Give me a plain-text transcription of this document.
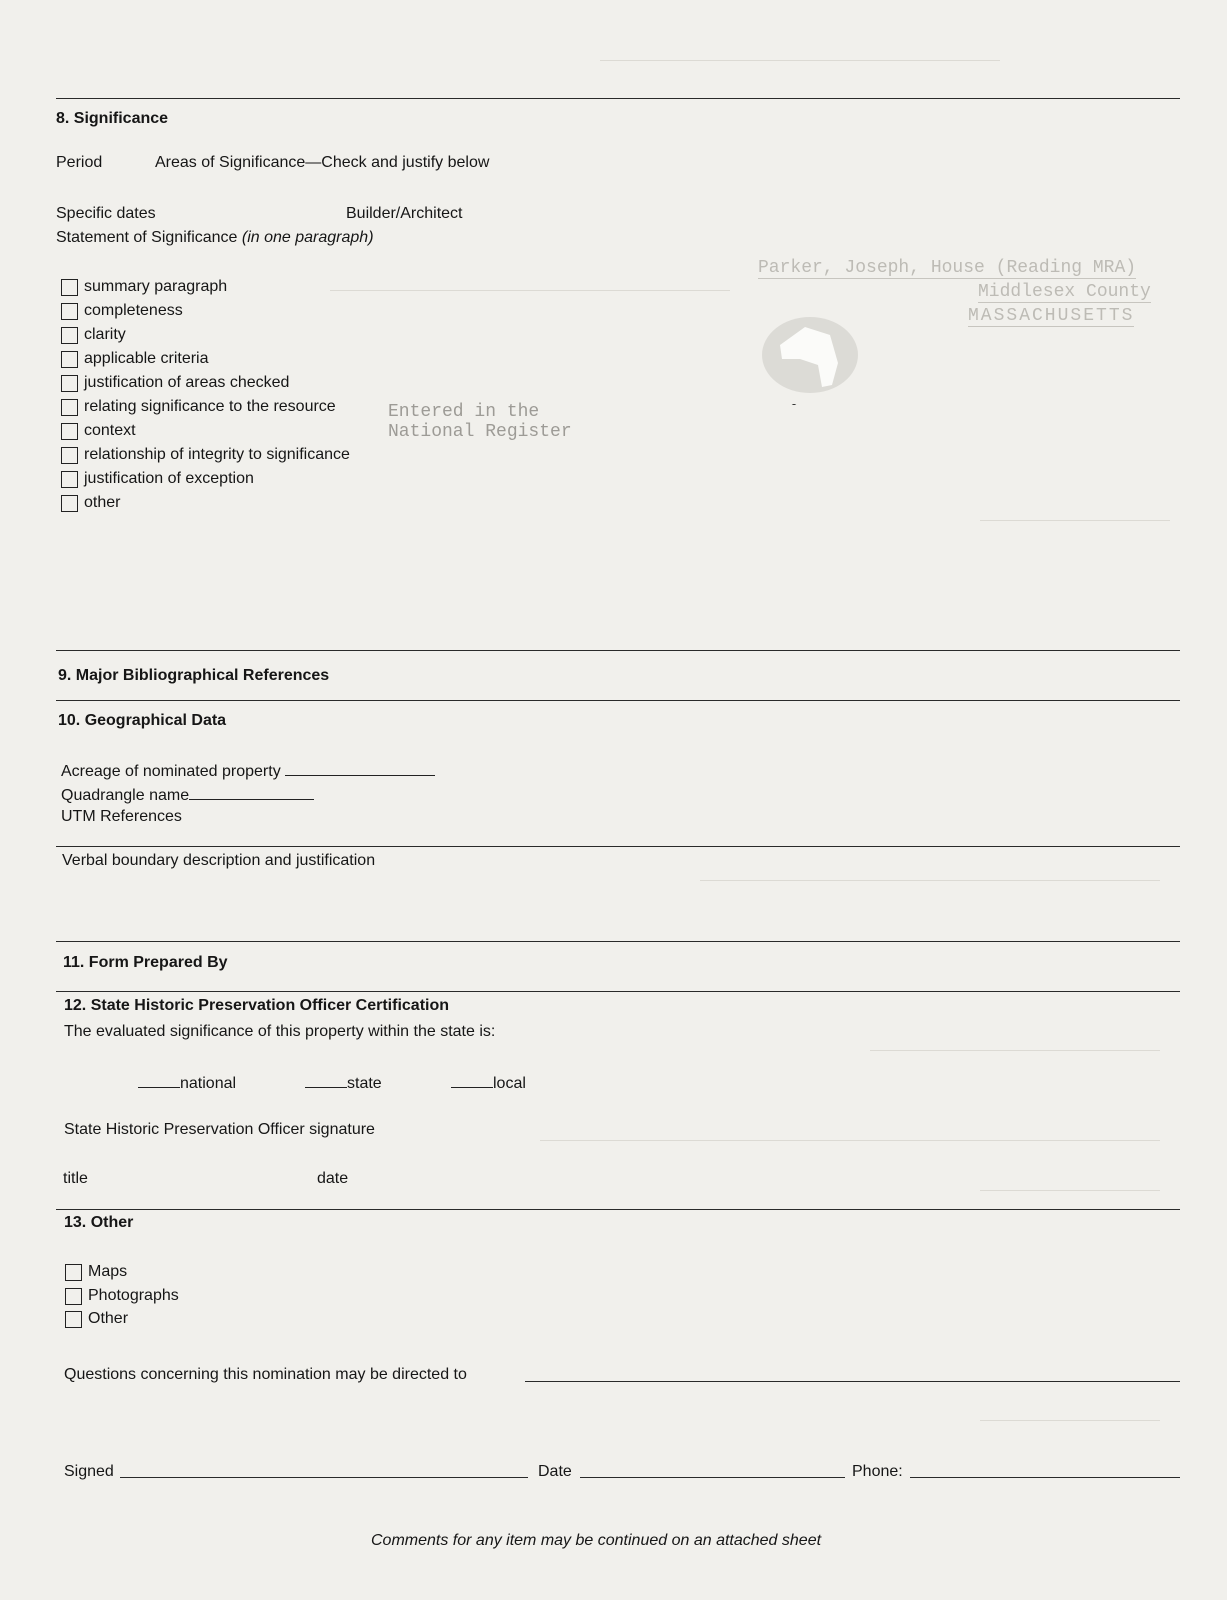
Parker, Joseph, House (Reading MRA)
Middlesex County
MASSACHUSETTS
Entered in the
National Register
8. Significance
Period	Areas of Significance—Check and justify below
Specific dates	Builder/Architect
Statement of Significance (in one paragraph)
summary paragraph
completeness
clarity
applicable criteria
justification of areas checked
relating significance to the resource
context
relationship of integrity to significance
justification of exception
other
9. Major Bibliographical References
10. Geographical Data
Acreage of nominated property
Quadrangle name
UTM References
Verbal boundary description and justification
11. Form Prepared By
12. State Historic Preservation Officer Certification
The evaluated significance of this property within the state is:
national	state	local
State Historic Preservation Officer signature
title	date
13. Other
Maps
Photographs
Other
Questions concerning this nomination may be directed to
Signed	Date	Phone:
Comments for any item may be continued on an attached sheet
